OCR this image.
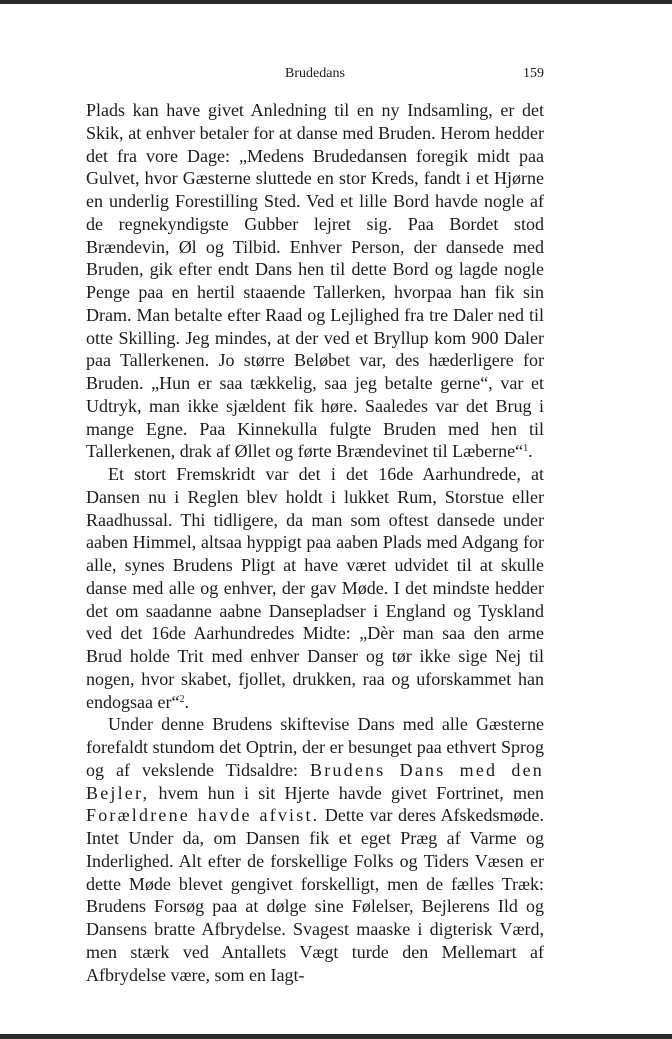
Brudedans	159

Plads kan have givet Anledning til en ny Indsamling, er det Skik, at enhver betaler for at danse med Bruden. Herom hedder det fra vore Dage: „Medens Brudedansen foregik midt paa Gulvet, hvor Gæsterne sluttede en stor Kreds, fandt i et Hjørne en underlig Forestilling Sted. Ved et lille Bord havde nogle af de regnekyndigste Gubber lejret sig. Paa Bordet stod Brændevin, Øl og Tilbid. Enhver Person, der dansede med Bruden, gik efter endt Dans hen til dette Bord og lagde nogle Penge paa en hertil staaende Tallerken, hvorpaa han fik sin Dram. Man betalte efter Raad og Lejlighed fra tre Daler ned til otte Skilling. Jeg mindes, at der ved et Bryllup kom 900 Daler paa Tallerkenen. Jo større Beløbet var, des hæderligere for Bruden. „Hun er saa tækkelig, saa jeg betalte gerne“, var et Udtryk, man ikke sjældent fik høre. Saaledes var det Brug i mange Egne. Paa Kinnekulla fulgte Bruden med hen til Tallerkenen, drak af Øllet og førte Brændevinet til Læberne“$^1$.

Et stort Fremskridt var det i det 16de Aarhundrede, at Dansen nu i Reglen blev holdt i lukket Rum, Storstue eller Raadhussal. Thi tidligere, da man som oftest dansede under aaben Himmel, altsaa hyppigt paa aaben Plads med Adgang for alle, synes Brudens Pligt at have været udvidet til at skulle danse med alle og enhver, der gav Møde. I det mindste hedder det om saadanne aabne Dansepladser i England og Tyskland ved det 16de Aarhundredes Midte: „Dèr man saa den arme Brud holde Trit med enhver Danser og tør ikke sige Nej til nogen, hvor skabet, fjollet, drukken, raa og uforskammet han endogsaa er“$^2$.

Under denne Brudens skiftevise Dans med alle Gæsterne forefaldt stundom det Optrin, der er besunget paa ethvert Sprog og af vekslende Tidsaldre: Brudens Dans med den Bejler, hvem hun i sit Hjerte havde givet Fortrinet, men Forældrene havde afvist. Dette var deres Afskedsmøde. Intet Under da, om Dansen fik et eget Præg af Varme og Inderlighed. Alt efter de forskellige Folks og Tiders Væsen er dette Møde blevet gengivet forskelligt, men de fælles Træk: Brudens Forsøg paa at dølge sine Følelser, Bejlerens Ild og Dansens bratte Afbrydelse. Svagest maaske i digterisk Værd, men stærk ved Antallets Vægt turde den Mellemart af Afbrydelse være, som en Iagt-
